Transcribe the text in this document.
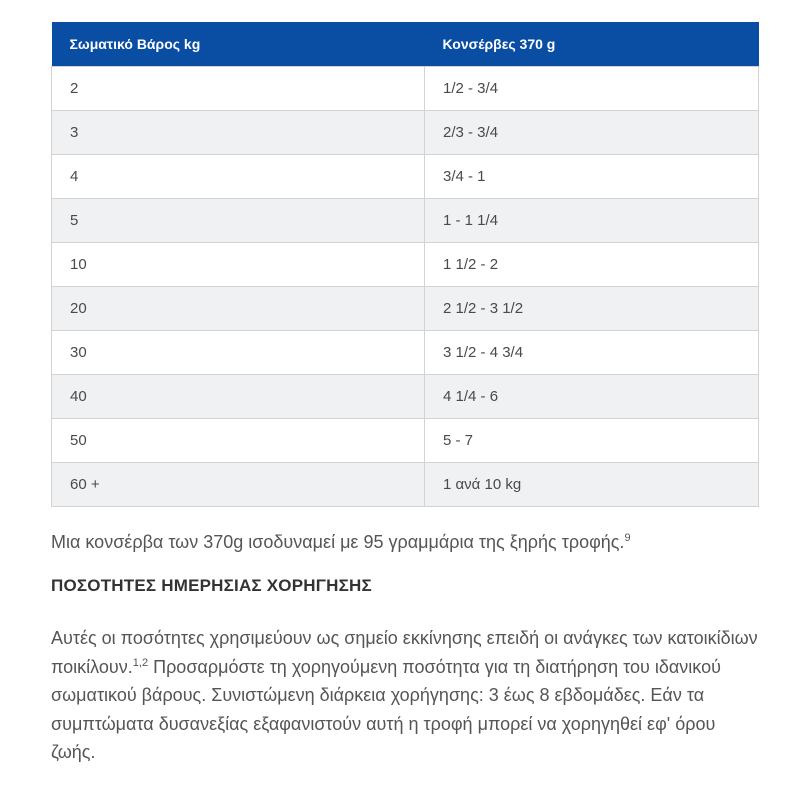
Σωματικό Βάρος kg	Κονσέρβες 370 g
2	1/2 - 3/4
3	2/3 - 3/4
4	3/4 - 1
5	1 - 1 1/4
10	1 1/2 - 2
20	2 1/2 - 3 1/2
30	3 1/2 - 4 3/4
40	4 1/4 - 6
50	5 - 7
60 +	1 ανά 10 kg
Μια κονσέρβα των 370g ισοδυναμεί με 95 γραμμάρια της ξηρής τροφής.$^9$
ΠΟΣΟΤΗΤΕΣ ΗΜΕΡΗΣΙΑΣ ΧΟΡΗΓΗΣΗΣ
Αυτές οι ποσότητες χρησιμεύουν ως σημείο εκκίνησης επειδή οι ανάγκες των κατοικίδιων ποικίλουν.$^{1,2}$ Προσαρμόστε τη χορηγούμενη ποσότητα για τη διατήρηση του ιδανικού σωματικού βάρους. Συνιστώμενη διάρκεια χορήγησης: 3 έως 8 εβδομάδες. Εάν τα συμπτώματα δυσανεξίας εξαφανιστούν αυτή η τροφή μπορεί να χορηγηθεί εφ' όρου ζωής.
